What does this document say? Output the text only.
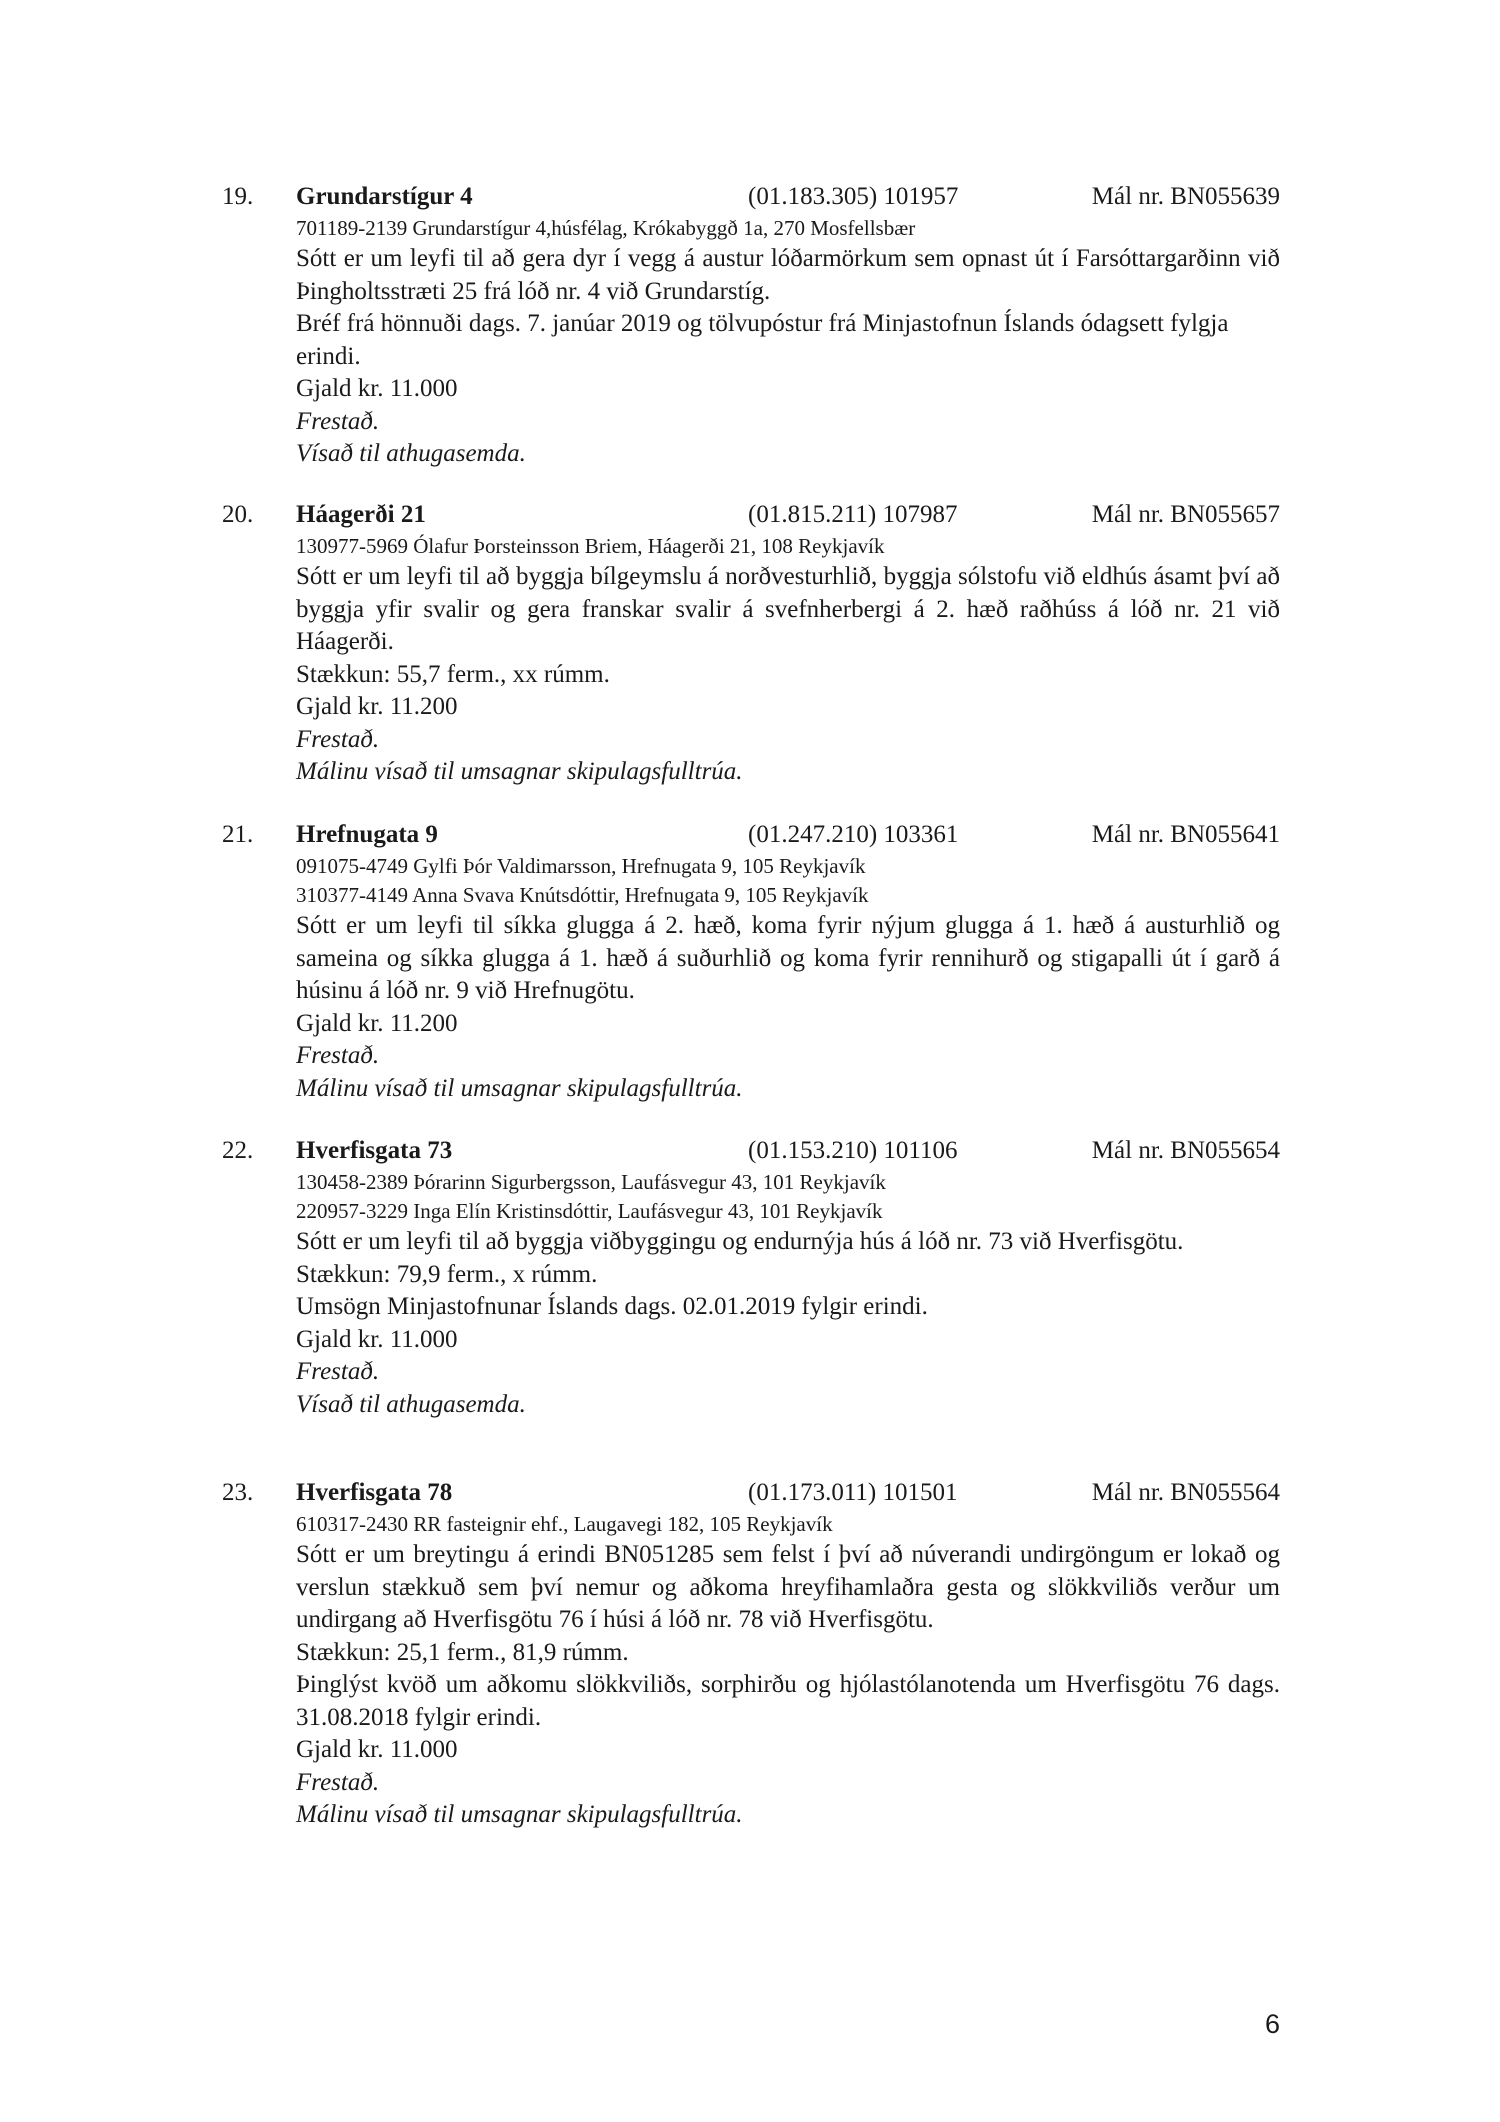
19. Grundarstígur 4	(01.183.305) 101957	Mál nr. BN055639
701189-2139 Grundarstígur 4,húsfélag, Krókabyggð 1a, 270 Mosfellsbær

Sótt er um leyfi til að gera dyr í vegg á austur lóðarmörkum sem opnast út í Farsóttargarðinn við Þingholtsstræti 25 frá lóð nr. 4 við Grundarstíg.

Bréf frá hönnuði dags. 7. janúar 2019 og tölvupóstur frá Minjastofnun Íslands ódagsett fylgja erindi.
Gjald kr. 11.000
Frestað.
Vísað til athugasemda.
20. Háagerði 21	(01.815.211) 107987	Mál nr. BN055657
130977-5969 Ólafur Þorsteinsson Briem, Háagerði 21, 108 Reykjavík

Sótt er um leyfi til að byggja bílgeymslu á norðvesturhlið, byggja sólstofu við eldhús ásamt því að byggja yfir svalir og gera franskar svalir á svefnherbergi á 2. hæð raðhúss á lóð nr. 21 við Háagerði.

Stækkun: 55,7 ferm., xx rúmm.
Gjald kr. 11.200
Frestað.
Málinu vísað til umsagnar skipulagsfulltrúa.
21. Hrefnugata 9	(01.247.210) 103361	Mál nr. BN055641
091075-4749 Gylfi Þór Valdimarsson, Hrefnugata 9, 105 Reykjavík
310377-4149 Anna Svava Knútsdóttir, Hrefnugata 9, 105 Reykjavík

Sótt er um leyfi til síkka glugga á 2. hæð, koma fyrir nýjum glugga á 1. hæð á austurhlið og sameina og síkka glugga á 1. hæð á suðurhlið og koma fyrir rennihurð og stigapalli út í garð á húsinu á lóð nr. 9 við Hrefnugötu.

Gjald kr. 11.200
Frestað.
Málinu vísað til umsagnar skipulagsfulltrúa.
22. Hverfisgata 73	(01.153.210) 101106	Mál nr. BN055654
130458-2389 Þórarinn Sigurbergsson, Laufásvegur 43, 101 Reykjavík
220957-3229 Inga Elín Kristinsdóttir, Laufásvegur 43, 101 Reykjavík

Sótt er um leyfi til að byggja viðbyggingu og endurnýja hús á lóð nr. 73 við Hverfisgötu.

Stækkun: 79,9 ferm., x rúmm.
Umsögn Minjastofnunar Íslands dags. 02.01.2019 fylgir erindi.
Gjald kr. 11.000
Frestað.
Vísað til athugasemda.
23. Hverfisgata 78	(01.173.011) 101501	Mál nr. BN055564
610317-2430 RR fasteignir ehf., Laugavegi 182, 105 Reykjavík

Sótt er um breytingu á erindi BN051285 sem felst í því að núverandi undirgöngum er lokað og verslun stækkuð sem því nemur og aðkoma hreyfihamlaðra gesta og slökkviliðs verður um undirgang að Hverfisgötu 76 í húsi á lóð nr. 78 við Hverfisgötu.

Stækkun: 25,1 ferm., 81,9 rúmm.

Þinglýst kvöð um aðkomu slökkviliðs, sorphirðu og hjólastólanotenda um Hverfisgötu 76 dags. 31.08.2018 fylgir erindi.

Gjald kr. 11.000
Frestað.
Málinu vísað til umsagnar skipulagsfulltrúa.
6
